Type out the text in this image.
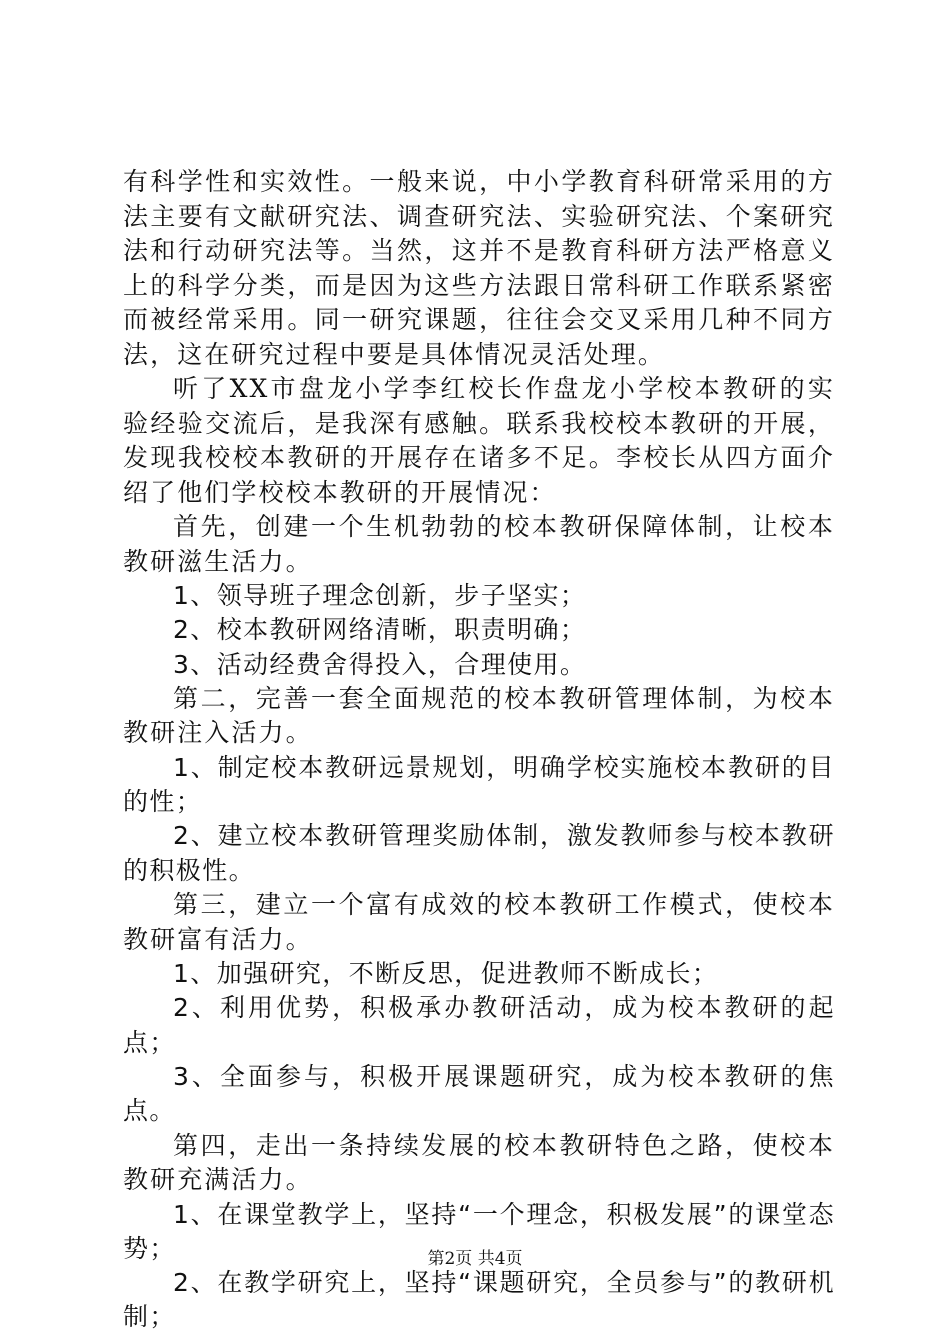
有科学性和实效性。一般来说，中小学教育科研常采用的方法主要有文献研究法、调查研究法、实验研究法、个案研究法和行动研究法等。当然，这并不是教育科研方法严格意义上的科学分类，而是因为这些方法跟日常科研工作联系紧密而被经常采用。同一研究课题，往往会交叉采用几种不同方法，这在研究过程中要是具体情况灵活处理。

听了XX市盘龙小学李红校长作盘龙小学校本教研的实验经验交流后，是我深有感触。联系我校校本教研的开展，发现我校校本教研的开展存在诸多不足。李校长从四方面介绍了他们学校校本教研的开展情况：

首先，创建一个生机勃勃的校本教研保障体制，让校本教研滋生活力。

1、领导班子理念创新，步子坚实；

2、校本教研网络清晰，职责明确；

3、活动经费舍得投入，合理使用。

第二，完善一套全面规范的校本教研管理体制，为校本教研注入活力。

1、制定校本教研远景规划，明确学校实施校本教研的目的性；

2、建立校本教研管理奖励体制，激发教师参与校本教研的积极性。

第三，建立一个富有成效的校本教研工作模式，使校本教研富有活力。

1、加强研究，不断反思，促进教师不断成长；

2、利用优势，积极承办教研活动，成为校本教研的起点；

3、全面参与，积极开展课题研究，成为校本教研的焦点。

第四，走出一条持续发展的校本教研特色之路，使校本教研充满活力。

1、在课堂教学上，坚持“一个理念，积极发展”的课堂态势；

2、在教学研究上，坚持“课题研究，全员参与”的教研机制；

第2页 共4页
